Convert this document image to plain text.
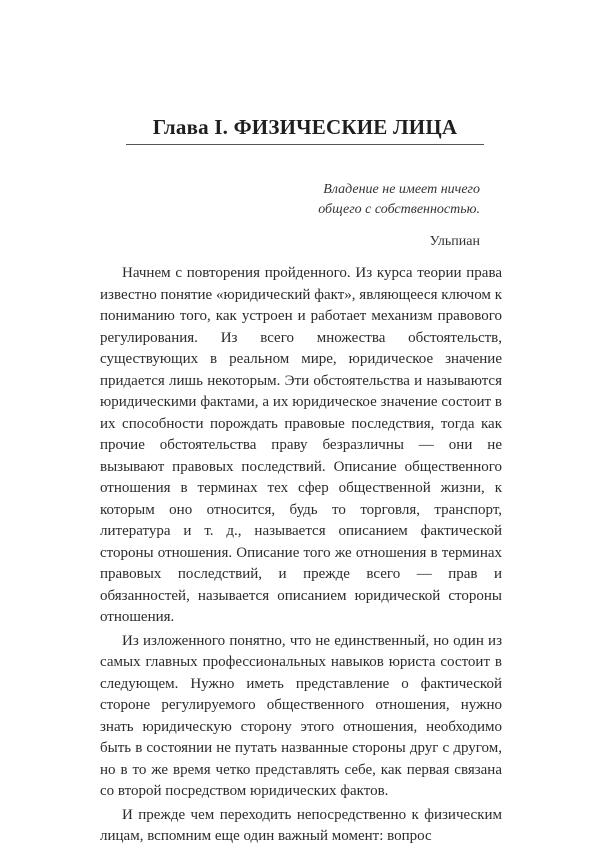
Глава I. ФИЗИЧЕСКИЕ ЛИЦА
Владение не имеет ничего
общего с собственностью.
Ульпиан

Начнем с повторения пройденного. Из курса теории права известно понятие «юридический факт», являющееся ключом к пониманию того, как устроен и работает механизм правового регулирования. Из всего множества обстоятельств, существующих в реальном мире, юридическое значение придается лишь некоторым. Эти обстоятельства и называются юридическими фактами, а их юридическое значение состоит в их способности порождать правовые последствия, тогда как прочие обстоятельства праву безразличны — они не вызывают правовых последствий. Описание общественного отношения в терминах тех сфер общественной жизни, к которым оно относится, будь то торговля, транспорт, литература и т. д., называется описанием фактической стороны отношения. Описание того же отношения в терминах правовых последствий, и прежде всего — прав и обязанностей, называется описанием юридической стороны отношения.

Из изложенного понятно, что не единственный, но один из самых главных профессиональных навыков юриста состоит в следующем. Нужно иметь представление о фактической стороне регулируемого общественного отношения, нужно знать юридическую сторону этого отношения, необходимо быть в состоянии не путать названные стороны друг с другом, но в то же время четко представлять себе, как первая связана со второй посредством юридических фактов.

И прежде чем переходить непосредственно к физическим лицам, вспомним еще один важный момент: вопрос
